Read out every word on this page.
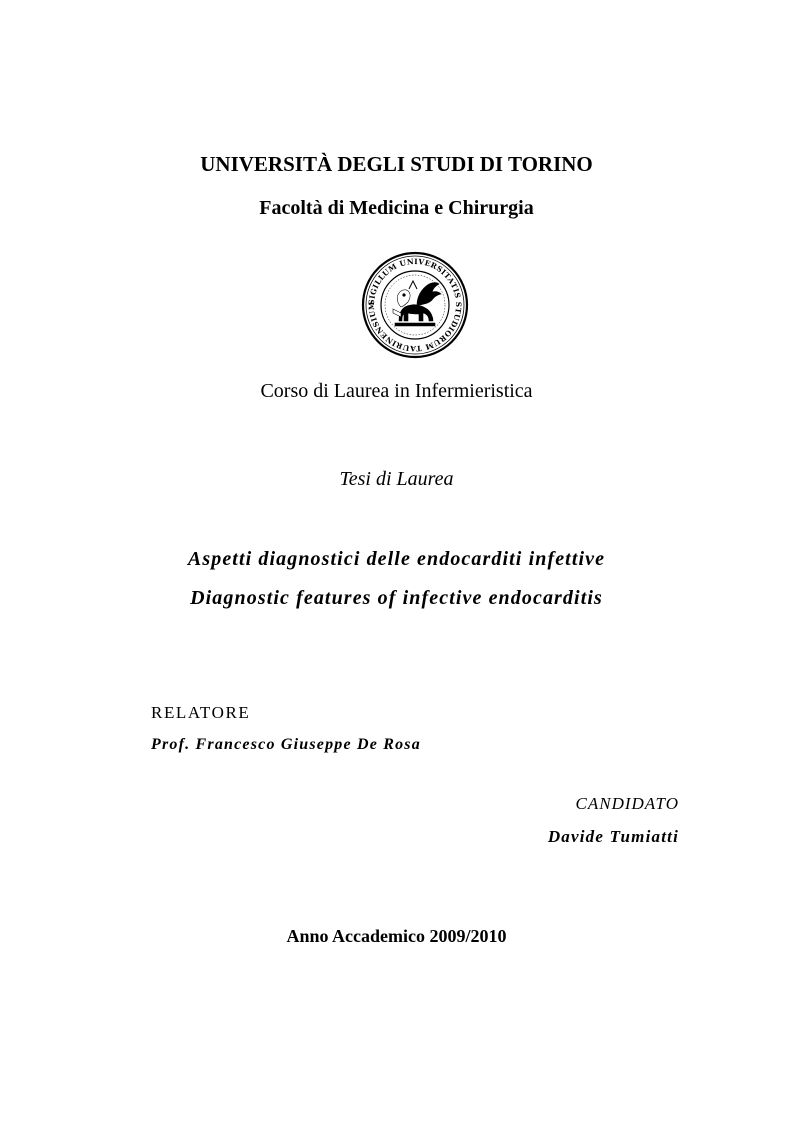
UNIVERSITÀ DEGLI STUDI DI TORINO
Facoltà di Medicina e Chirurgia
SIGILLUM UNIVERSITATIS STUDIORUM TAURINENSIUM
Corso di Laurea in Infermieristica
Tesi di Laurea
Aspetti diagnostici delle endocarditi infettive
Diagnostic features of infective endocarditis
RELATORE
Prof. Francesco Giuseppe De Rosa
CANDIDATO
Davide Tumiatti
Anno Accademico 2009/2010
